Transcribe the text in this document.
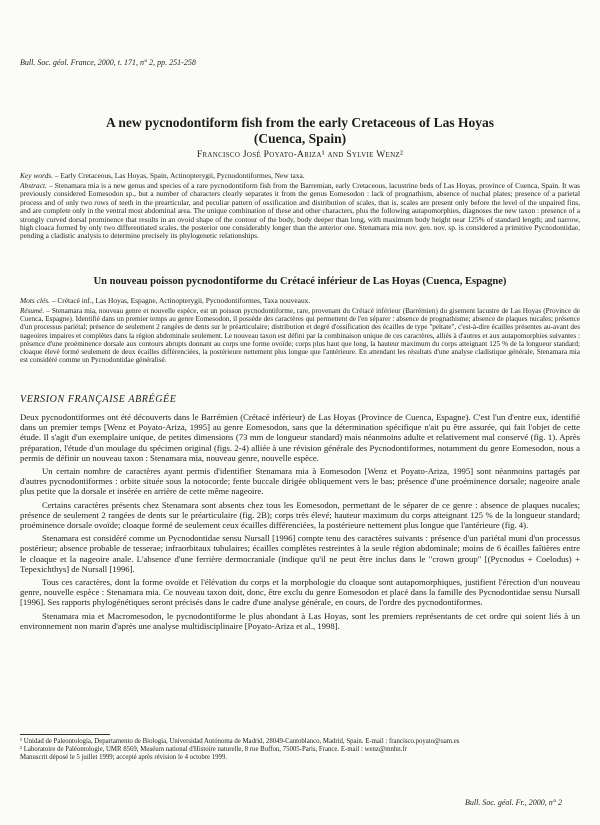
Bull. Soc. géol. France, 2000, t. 171, n° 2, pp. 251-258
A new pycnodontiform fish from the early Cretaceous of Las Hoyas
(Cuenca, Spain)
Francisco José Poyato-Ariza¹ and Sylvie Wenz²
Key words. – Early Cretaceous, Las Hoyas, Spain, Actinopterygii, Pycnodontiformes, New taxa.
Abstract. – Stenamara mia is a new genus and species of a rare pycnodontiform fish from the Barremian, early Cretaceous, lacustrine beds of Las Hoyas, province of Cuenca, Spain. It was previously considered Eomesodon sp., but a number of characters clearly separates it from the genus Eomesodon : lack of prognathism, absence of nuchal plates; presence of a parietal process and of only two rows of teeth in the prearticular, and peculiar pattern of ossification and distribution of scales, that is, scales are present only before the level of the unpaired fins, and are complete only in the ventral most abdominal area. The unique combination of these and other characters, plus the following autapomorphies, diagnoses the new taxon : presence of a strongly curved dorsal prominence that results in an ovoid shape of the contour of the body, body deeper than long, with maximum body height near 125% of standard length; and narrow, high cloaca formed by only two differentiated scales, the posterior one considerably longer than the anterior one. Stenamara mia nov. gen. nov. sp. is considered a primitive Pycnodontidae, pending a cladistic analysis to determine precisely its phylogenetic relationships.
Un nouveau poisson pycnodontiforme du Crétacé inférieur de Las Hoyas (Cuenca, Espagne)
Mots clés. – Crétacé inf., Las Hoyas, Espagne, Actinopterygii, Pycnodontiformes, Taxa nouveaux.
Résumé. – Stenamara mia, nouveau genre et nouvelle espèce, est un poisson pycnodontiforme, rare, provenant du Crétacé inférieur (Barrémien) du gisement lacustre de Las Hoyas (Province de Cuenca, Espagne). Identifié dans un premier temps au genre Eomesodon, il possède des caractères qui permettent de l'en séparer : absence de prognathisme; absence de plaques nucales; présence d'un processus pariétal; présence de seulement 2 rangées de dents sur le préarticulaire; distribution et degré d'ossification des écailles de type "peltate", c'est-à-dire écailles présentes au-avant des nageoires impaires et complètes dans la région abdominale seulement. Le nouveau taxon est défini par la combinaison unique de ces caractères, alliés à d'autres et aux autapomorphies suivantes : présence d'une proéminence dorsale aux contours abrupts donnant au corps une forme ovoïde; corps plus haut que long, la hauteur maximum du corps atteignant 125 % de la longueur standard; cloaque élevé formé seulement de deux écailles différenciées, la postérieure nettement plus longue que l'antérieure. En attendant les résultats d'une analyse cladistique générale, Stenamara mia est considéré comme un Pycnodontidae généralisé.
VERSION FRANÇAISE ABRÉGÉE

Deux pycnodontiformes ont été découverts dans le Barrémien (Crétacé inférieur) de Las Hoyas (Province de Cuenca, Espagne). C'est l'un d'entre eux, identifié dans un premier temps [Wenz et Poyato-Ariza, 1995] au genre Eomesodon, sans que la détermination spécifique n'ait pu être assurée, qui fait l'objet de cette étude. Il s'agit d'un exemplaire unique, de petites dimensions (73 mm de longueur standard) mais néanmoins adulte et relativement mal conservé (fig. 1). Après préparation, l'étude d'un moulage du spécimen original (figs. 2-4) alliée à une révision générale des Pycnodontiformes, notamment du genre Eomesodon, nous a permis de définir un nouveau taxon : Stenamara mia, nouveau genre, nouvelle espèce.

Un certain nombre de caractères ayant permis d'identifier Stenamara mia à Eomesodon [Wenz et Poyato-Ariza, 1995] sont néanmoins partagés par d'autres pycnodontiformes : orbite située sous la notocorde; fente buccale dirigée obliquement vers le bas; présence d'une proéminence dorsale; nageoire anale plus petite que la dorsale et insérée en arrière de cette même nageoire.

Certains caractères présents chez Stenamara sont absents chez tous les Eomesodon, permettant de le séparer de ce genre : absence de plaques nucales; présence de seulement 2 rangées de dents sur le préarticulaire (fig. 2B); corps très élevé; hauteur maximum du corps atteignant 125 % de la longueur standard; proéminence dorsale ovoïde; cloaque formé de seulement ceux écailles différenciées, la postérieure nettement plus longue que l'antérieure (fig. 4).

Stenamara est considéré comme un Pycnodontidae sensu Nursall [1996] compte tenu des caractères suivants : présence d'un pariétal muni d'un processus postérieur; absence probable de tesserae; infraorbitaux tubulaires; écailles complètes restreintes à la seule région abdominale; moins de 6 écailles faîtières entre le cloaque et la nageoire anale. L'absence d'une ferrière dermocraniale (indique qu'il ne peut être inclus dans le "crown group" [(Pycnodus + Coelodus) + Tepexichthys] de Nursall [1996].

Tous ces caractères, dont la forme ovoïde et l'élévation du corps et la morphologie du cloaque sont autapomorphiques, justifient l'érection d'un nouveau genre, nouvelle espèce : Stenamara mia. Ce nouveau taxon doit, donc, être exclu du genre Eomesodon et placé dans la famille des Pycnodontidae sensu Nursall [1996]. Ses rapports phylogénétiques seront précisés dans le cadre d'une analyse générale, en cours, de l'ordre des pycnodontiformes.

Stenamara mia et Macromesodon, le pycnodontiforme le plus abondant à Las Hoyas, sont les premiers représentants de cet ordre qui soient liés à un environnement non marin d'après une analyse multidisciplinaire [Poyato-Ariza et al., 1998].

¹ Unidad de Paleontología, Departamento de Biología, Universidad Autónoma de Madrid, 28049-Cantoblanco, Madrid, Spain. E-mail : francisco.poyato@uam.es
² Laboratoire de Paléontologie, UMR 8569, Muséum national d'Histoire naturelle, 8 rue Buffon, 75005-Paris, France. E-mail : wenz@mnhn.fr
Manuscrit déposé le 5 juillet 1999; accepté après révision le 4 octobre 1999.
Bull. Soc. géol. Fr., 2000, n° 2
